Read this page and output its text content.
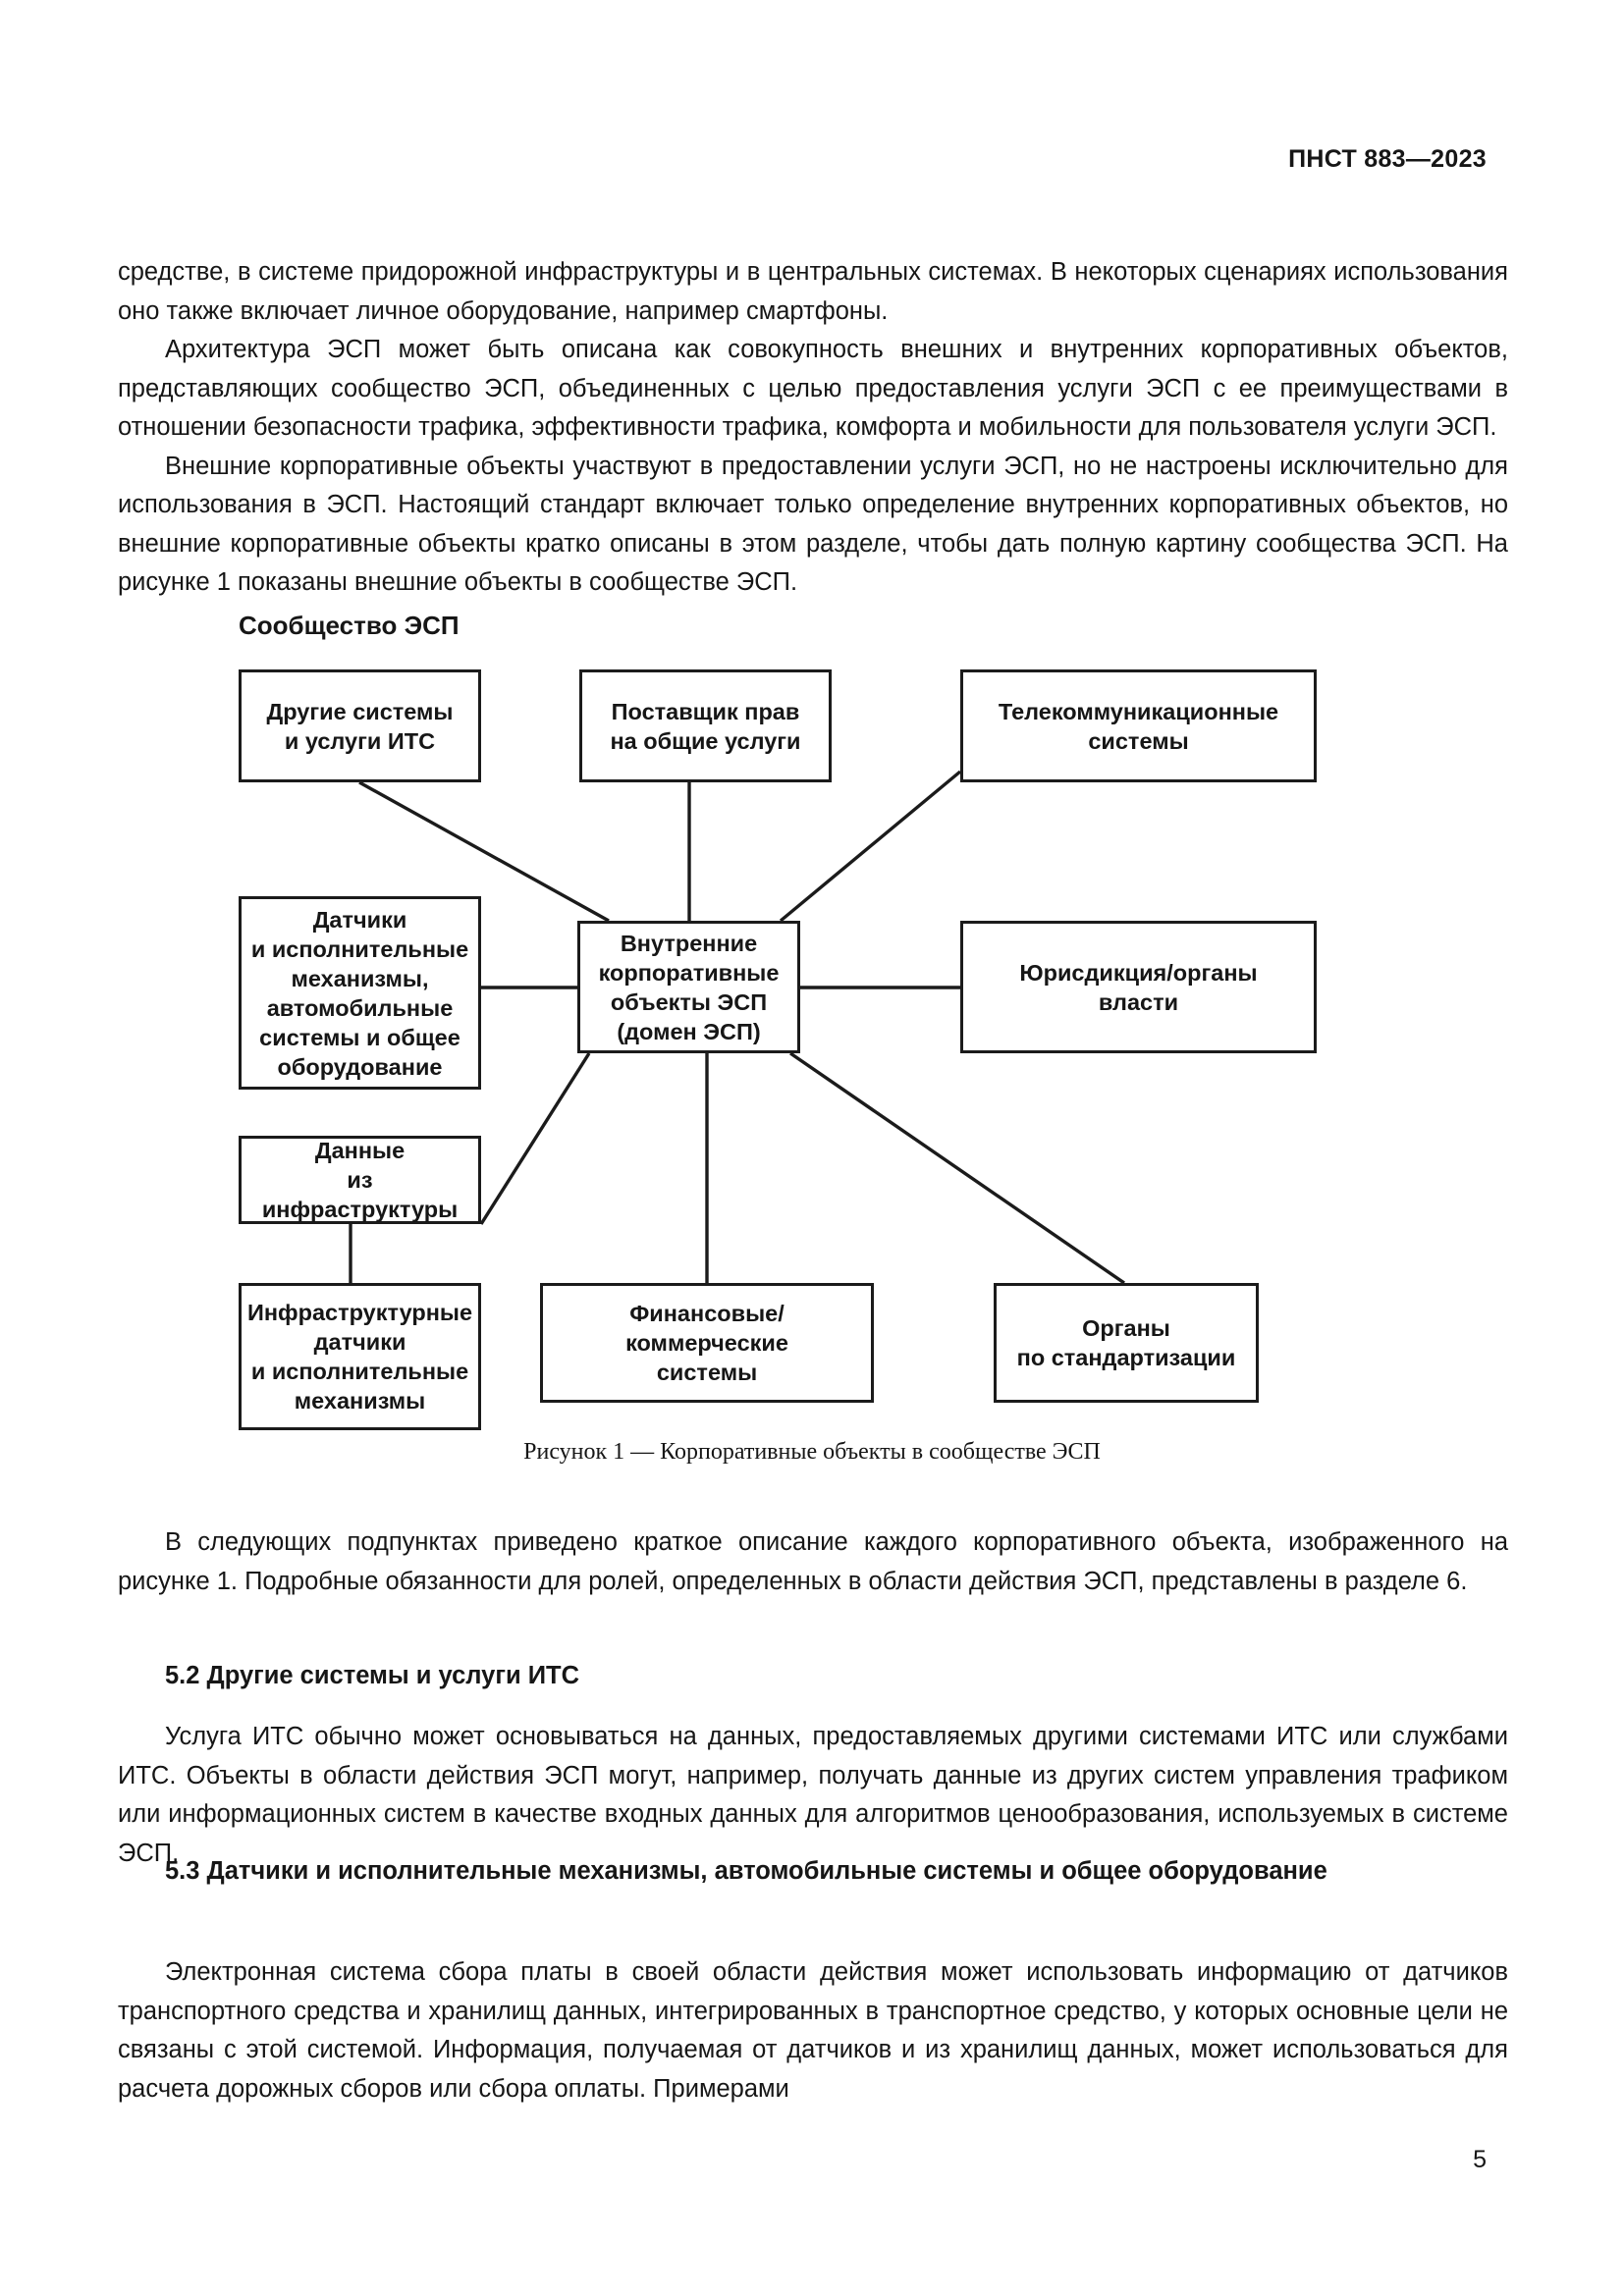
ПНСТ 883—2023

средстве, в системе придорожной инфраструктуры и в центральных системах. В некоторых сценариях использования оно также включает личное оборудование, например смартфоны.

Архитектура ЭСП может быть описана как совокупность внешних и внутренних корпоративных объектов, представляющих сообщество ЭСП, объединенных с целью предоставления услуги ЭСП с ее преимуществами в отношении безопасности трафика, эффективности трафика, комфорта и мобильности для пользователя услуги ЭСП.

Внешние корпоративные объекты участвуют в предоставлении услуги ЭСП, но не настроены исключительно для использования в ЭСП. Настоящий стандарт включает только определение внутренних корпоративных объектов, но внешние корпоративные объекты кратко описаны в этом разделе, чтобы дать полную картину сообщества ЭСП. На рисунке 1 показаны внешние объекты в сообществе ЭСП.

Сообщество ЭСП
Другие системы
и услуги ИТС
Поставщик прав
на общие услуги
Телекоммуникационные
системы
Датчики
и исполнительные
механизмы,
автомобильные
системы и общее
оборудование
Внутренние
корпоративные
объекты ЭСП
(домен ЭСП)
Юрисдикция/органы
власти
Данные
из инфраструктуры
Инфраструктурные
датчики
и исполнительные
механизмы
Финансовые/коммерческие
системы
Органы
по стандартизации
Рисунок 1 — Корпоративные объекты в сообществе ЭСП

В следующих подпунктах приведено краткое описание каждого корпоративного объекта, изображенного на рисунке 1. Подробные обязанности для ролей, определенных в области действия ЭСП, представлены в разделе 6.

5.2 Другие системы и услуги ИТС

Услуга ИТС обычно может основываться на данных, предоставляемых другими системами ИТС или службами ИТС. Объекты в области действия ЭСП могут, например, получать данные из других систем управления трафиком или информационных систем в качестве входных данных для алгоритмов ценообразования, используемых в системе ЭСП.

5.3 Датчики и исполнительные механизмы, автомобильные системы и общее оборудование

Электронная система сбора платы в своей области действия может использовать информацию от датчиков транспортного средства и хранилищ данных, интегрированных в транспортное средство, у которых основные цели не связаны с этой системой. Информация, получаемая от датчиков и из хранилищ данных, может использоваться для расчета дорожных сборов или сбора оплаты. Примерами

5
